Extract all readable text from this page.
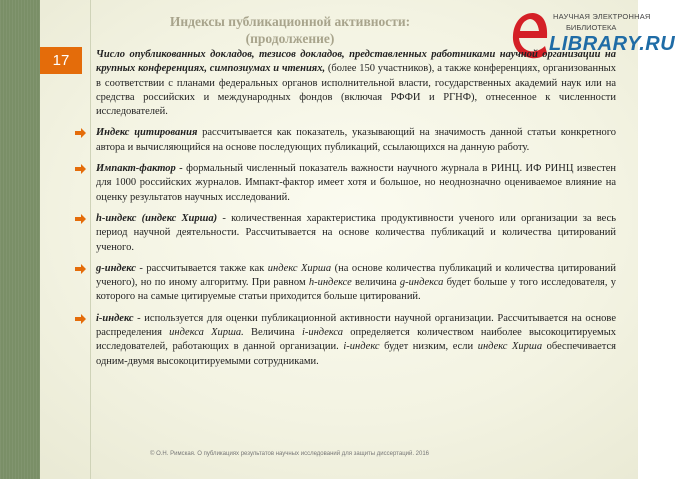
17
Индексы публикационной активности:
(продолжение)
НАУЧНАЯ ЭЛЕКТРОННАЯ
БИБЛИОТЕКА
LIBRARY.RU

Число опубликованных докладов, тезисов докладов, представленных работниками научной организации на крупных конференциях, симпозиумах и чтениях, (более 150 участников), а также конференциях, организованных в соответствии с планами федеральных органов исполнительной власти, государственных академий наук или на средства российских и международных фондов (включая РФФИ и РГНФ), отнесенное к численности исследователей.

Индекс цитирования рассчитывается как показатель, указывающий на значимость данной статьи конкретного автора и вычисляющийся на основе последующих публикаций, ссылающихся на данную работу.

Импакт-фактор - формальный численный показатель важности научного журнала в РИНЦ. ИФ РИНЦ известен для 1000 российских журналов. Импакт-фактор имеет хотя и большое, но неоднозначно оцениваемое влияние на оценку результатов научных исследований.

h-индекс (индекс Хирша) - количественная характеристика продуктивности ученого или организации за весь период научной деятельности. Рассчитывается на основе количества публикаций и количества цитирований ученого.

g-индекс - рассчитывается также как индекс Хирша (на основе количества публикаций и количества цитирований ученого), но по иному алгоритму. При равном h-индексе величина g-индекса будет больше у того исследователя, у которого на самые цитируемые статьи приходится больше цитирований.

i-индекс - используется для оценки публикационной активности научной организации. Рассчитывается на основе распределения индекса Хирша. Величина i-индекса определяется количеством наиболее высокоцитируемых исследователей, работающих в данной организации. i-индекс будет низким, если индекс Хирша обеспечивается одним-двумя высокоцитируемыми сотрудниками.

© О.Н. Римская. О публикациях результатов научных исследований для защиты диссертаций. 2016
